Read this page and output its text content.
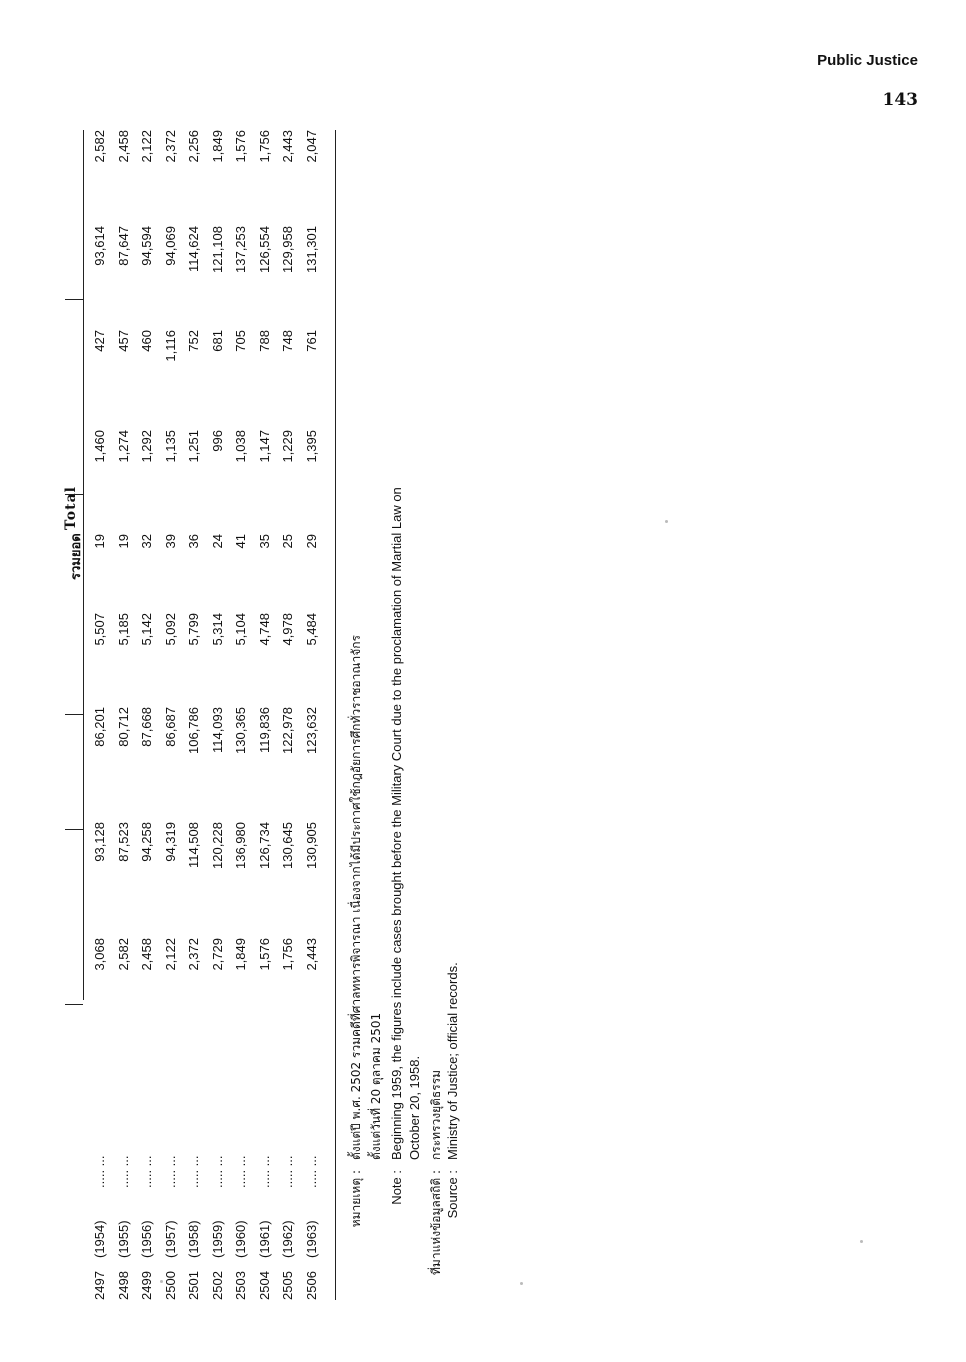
Public Justice
143
รวมยอด
Total
2497
(1954)
..... ...
3,068
93,128
86,201
5,507
19
1,460
427
93,614
2,582
2498
(1955)
..... ...
2,582
87,523
80,712
5,185
19
1,274
457
87,647
2,458
2499
(1956)
..... ...
2,458
94,258
87,668
5,142
32
1,292
460
94,594
2,122
2500
(1957)
..... ...
2,122
94,319
86,687
5,092
39
1,135
1,116
94,069
2,372
2501
(1958)
..... ...
2,372
114,508
106,786
5,799
36
1,251
752
114,624
2,256
2502
(1959)
..... ...
2,729
120,228
114,093
5,314
24
996
681
121,108
1,849
2503
(1960)
..... ...
1,849
136,980
130,365
5,104
41
1,038
705
137,253
1,576
2504
(1961)
..... ...
1,576
126,734
119,836
4,748
35
1,147
788
126,554
1,756
2505
(1962)
..... ...
1,756
130,645
122,978
4,978
25
1,229
748
129,958
2,443
2506
(1963)
..... ...
2,443
130,905
123,632
5,484
29
1,395
761
131,301
2,047
หมายเหตุ :
ตั้งแต่ปี พ.ศ. 2502 รวมคดีที่ศาลทหารพิจารณา เนื่องจากได้มีประกาศใช้กฎอัยการศึกทั่วราชอาณาจักร ตั้งแต่วันที่ 20 ตุลาคม 2501
Note :
Beginning 1959, the figures include cases brought before the Military Court due to the proclamation of Martial Law on October 20, 1958.
ที่มาแห่งข้อมูลสถิติ :
กระทรวงยุติธรรม
Source :
Ministry of Justice; official records.
